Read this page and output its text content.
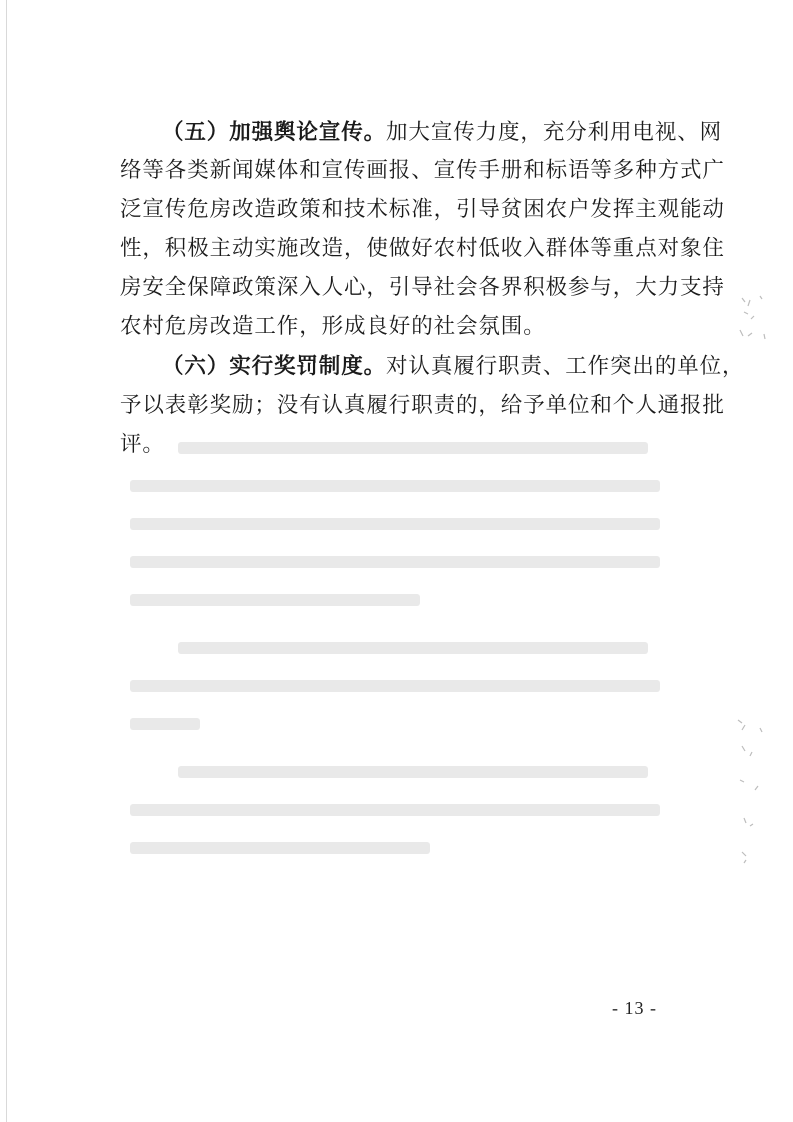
（五）加强舆论宣传。加大宣传力度，充分利用电视、网
络等各类新闻媒体和宣传画报、宣传手册和标语等多种方式广
泛宣传危房改造政策和技术标准，引导贫困农户发挥主观能动
性，积极主动实施改造，使做好农村低收入群体等重点对象住
房安全保障政策深入人心，引导社会各界积极参与，大力支持
农村危房改造工作，形成良好的社会氛围。
（六）实行奖罚制度。对认真履行职责、工作突出的单位，
予以表彰奖励；没有认真履行职责的，给予单位和个人通报批
评。
- 13 -
